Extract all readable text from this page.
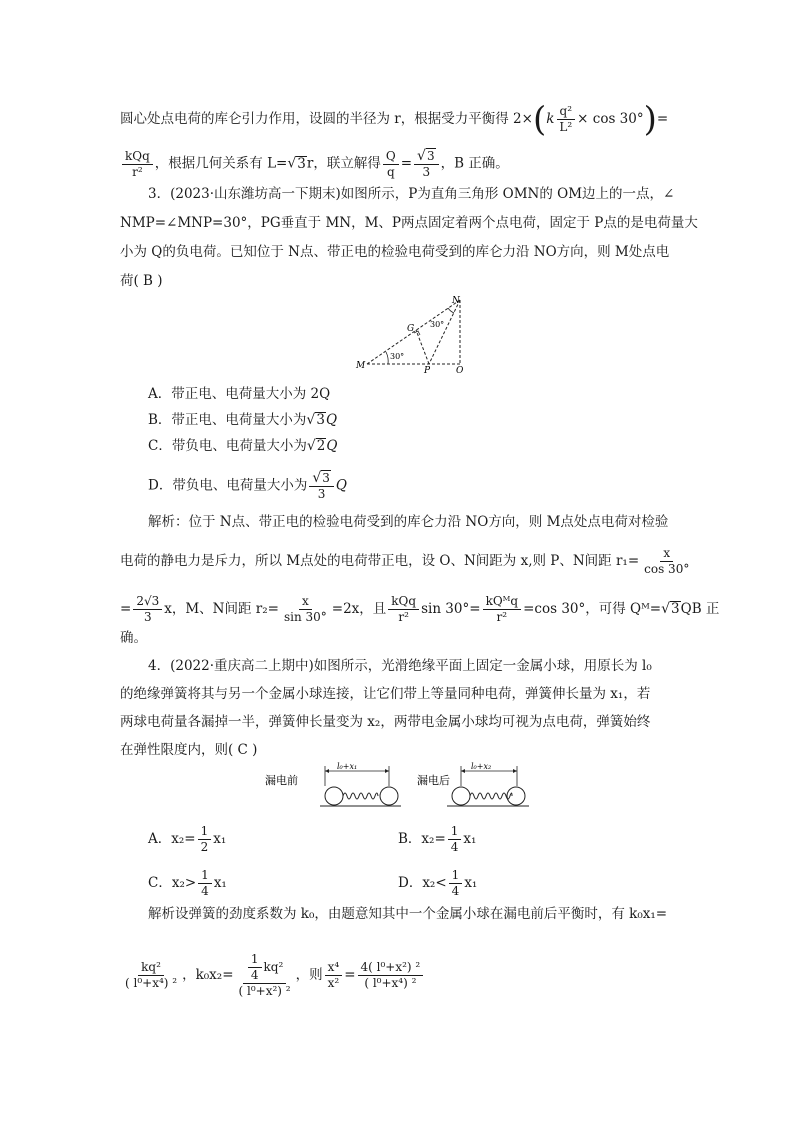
圆心处点电荷的库仑引力作用，设圆的半径为 r，根据受力平衡得 $2\times(k \frac{\text{q²}}{\text{L²}} \times \cos 30^\circ)=$
$\frac{\text{kQq}}{\text{r²}}$ ，根据几何关系有 L=√3r，联立解得 $\frac{Q}{q} = \frac{√3}{3}$ ，B 正确。
3．(2023·山东潍坊高一下期末)如图所示，P为直角三角形 OMN的 OM边上的一点，∠
NMP=∠MNP=30°，PG垂直于 MN，M、P两点固定着两个点电荷，固定于 P点的是电荷量大
小为 Q的负电荷。已知位于 N点、带正电的检验电荷受到的库仑力沿 NO方向，则 M处点电
荷( B )
N
G
M	P	O
30°
30°
A．带正电、电荷量大小为 2Q
B．带正电、电荷量大小为√3Q
C．带负电、电荷量大小为√2Q
D．带负电、电荷量大小为 $\frac{√3}{3}$ Q
解析：位于 N点、带正电的检验电荷受到的库仑力沿 NO方向，则 M点处点电荷对检验
电荷的静电力是斥力，所以 M点处的电荷带正电，设 O、N间距为 x,则 P、N间距 $r_1= \frac{x}{\cos 30^\circ}$
= $\frac{2√3}{3}$ x，M、N间距 $r_2= \frac{x}{\sin 30^\circ} =2x$，且 $\frac{\text{kQq}}{\text{r²}}$ $\sin 30^\circ= \frac{\text{kQᴹq}}{\text{r²}} =\cos$ 30°，可得 Qᴹ=√3QB 正
确。
4．(2022·重庆高二上期中)如图所示，光滑绝缘平面上固定一金属小球，用原长为 l₀
的绝缘弹簧将其与另一个金属小球连接，让它们带上等量同种电荷，弹簧伸长量为 x₁，若
两球电荷量各漏掉一半，弹簧伸长量变为 x₂，两带电金属小球均可视为点电荷，弹簧始终
在弹性限度内，则( C )
漏电前
l₀+x₁
漏电后
l₀+x₂
A．$x_2= \frac{1}{2} x_1$	B．$x_2= \frac{1}{4} x_1$
C．$x_2> \frac{1}{4} x_1$	D．$x_2< \frac{1}{4} x_1$
解析设弹簧的劲度系数为 k₀，由题意知其中一个金属小球在漏电前后平衡时，有 k₀x₁=
$\frac{\text{kq²}}{\text{( l⁰+x⁴) ²}}$ ，$k_0x_2= \frac{\frac{1}{4} kq^2}{\text{( l⁰+x²) ²}}$ ，则 $\frac{\text{x⁴}}{\text{x²}} = \frac{\text{4( l⁰+x²) ²}}{\text{( l⁰+x⁴) ²}}$
